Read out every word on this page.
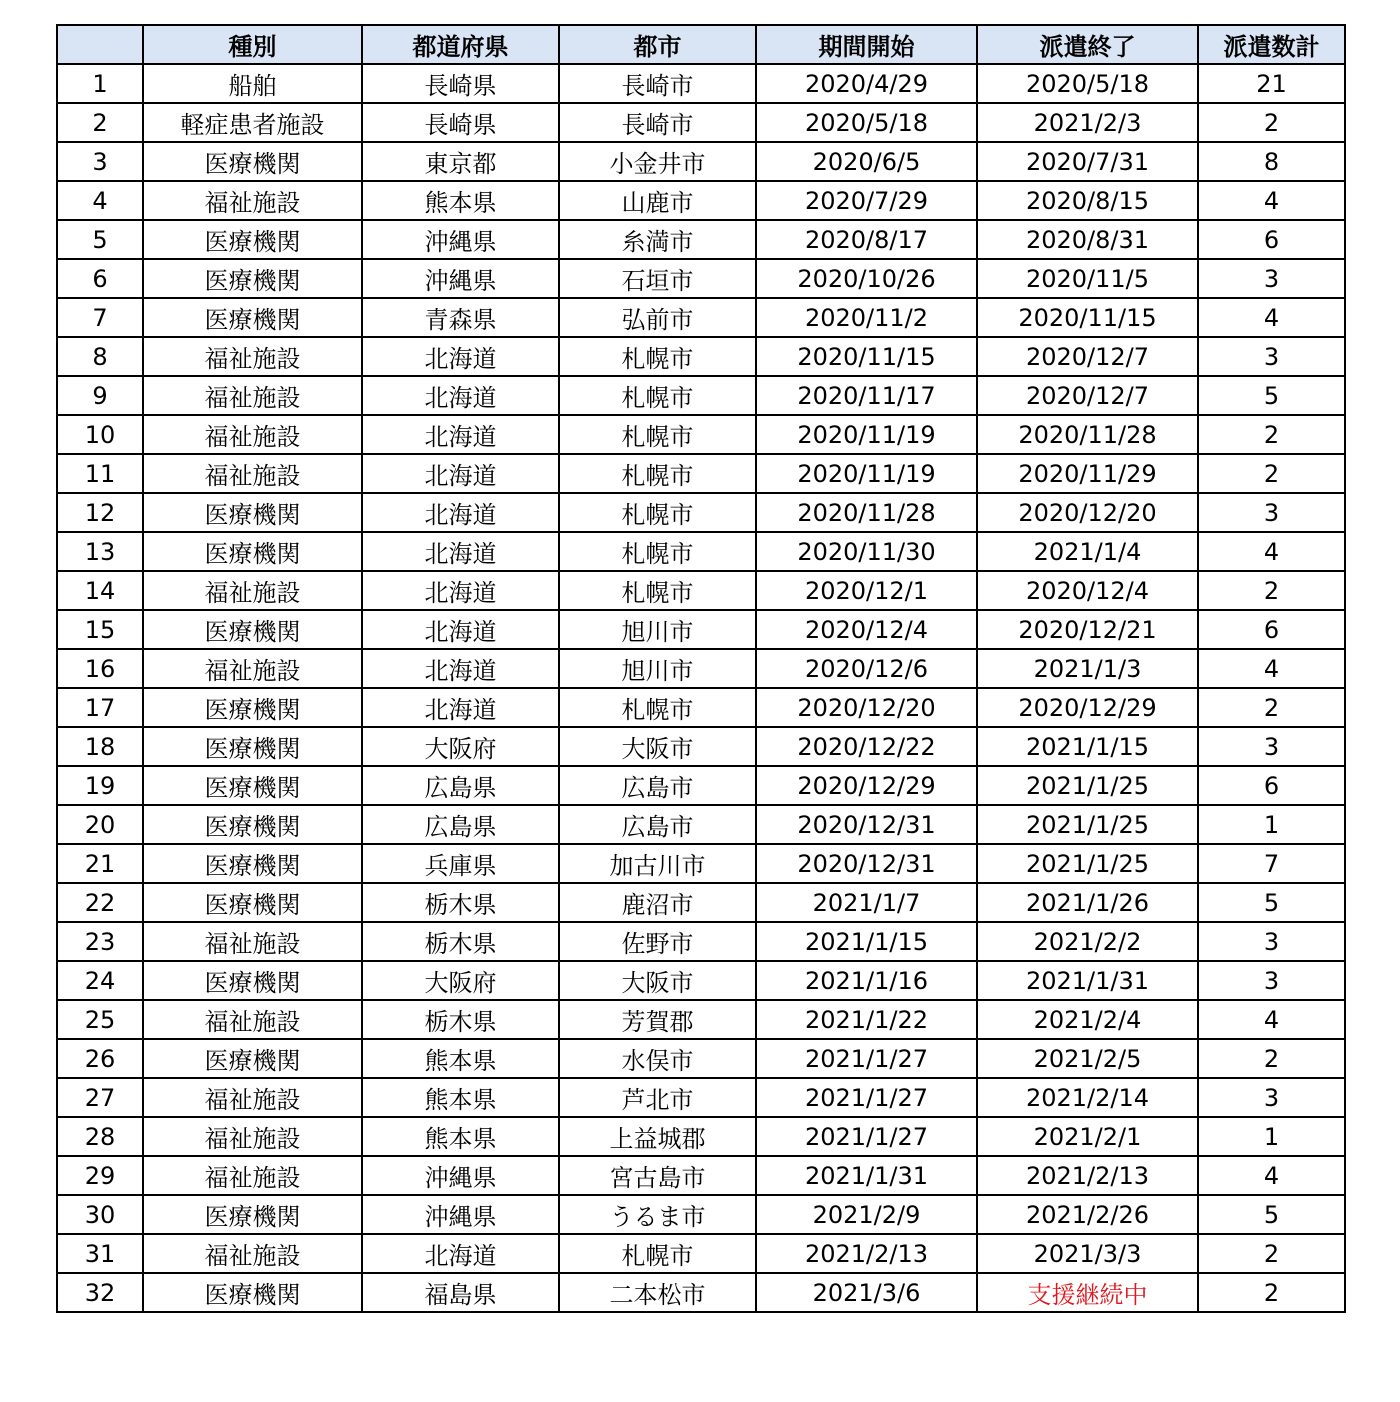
	種別	都道府県	都市	期間開始	派遣終了	派遣数計
1	船舶	長崎県	長崎市	2020/4/29	2020/5/18	21
2	軽症患者施設	長崎県	長崎市	2020/5/18	2021/2/3	2
3	医療機関	東京都	小金井市	2020/6/5	2020/7/31	8
4	福祉施設	熊本県	山鹿市	2020/7/29	2020/8/15	4
5	医療機関	沖縄県	糸満市	2020/8/17	2020/8/31	6
6	医療機関	沖縄県	石垣市	2020/10/26	2020/11/5	3
7	医療機関	青森県	弘前市	2020/11/2	2020/11/15	4
8	福祉施設	北海道	札幌市	2020/11/15	2020/12/7	3
9	福祉施設	北海道	札幌市	2020/11/17	2020/12/7	5
10	福祉施設	北海道	札幌市	2020/11/19	2020/11/28	2
11	福祉施設	北海道	札幌市	2020/11/19	2020/11/29	2
12	医療機関	北海道	札幌市	2020/11/28	2020/12/20	3
13	医療機関	北海道	札幌市	2020/11/30	2021/1/4	4
14	福祉施設	北海道	札幌市	2020/12/1	2020/12/4	2
15	医療機関	北海道	旭川市	2020/12/4	2020/12/21	6
16	福祉施設	北海道	旭川市	2020/12/6	2021/1/3	4
17	医療機関	北海道	札幌市	2020/12/20	2020/12/29	2
18	医療機関	大阪府	大阪市	2020/12/22	2021/1/15	3
19	医療機関	広島県	広島市	2020/12/29	2021/1/25	6
20	医療機関	広島県	広島市	2020/12/31	2021/1/25	1
21	医療機関	兵庫県	加古川市	2020/12/31	2021/1/25	7
22	医療機関	栃木県	鹿沼市	2021/1/7	2021/1/26	5
23	福祉施設	栃木県	佐野市	2021/1/15	2021/2/2	3
24	医療機関	大阪府	大阪市	2021/1/16	2021/1/31	3
25	福祉施設	栃木県	芳賀郡	2021/1/22	2021/2/4	4
26	医療機関	熊本県	水俣市	2021/1/27	2021/2/5	2
27	福祉施設	熊本県	芦北市	2021/1/27	2021/2/14	3
28	福祉施設	熊本県	上益城郡	2021/1/27	2021/2/1	1
29	福祉施設	沖縄県	宮古島市	2021/1/31	2021/2/13	4
30	医療機関	沖縄県	うるま市	2021/2/9	2021/2/26	5
31	福祉施設	北海道	札幌市	2021/2/13	2021/3/3	2
32	医療機関	福島県	二本松市	2021/3/6	支援継続中	2
